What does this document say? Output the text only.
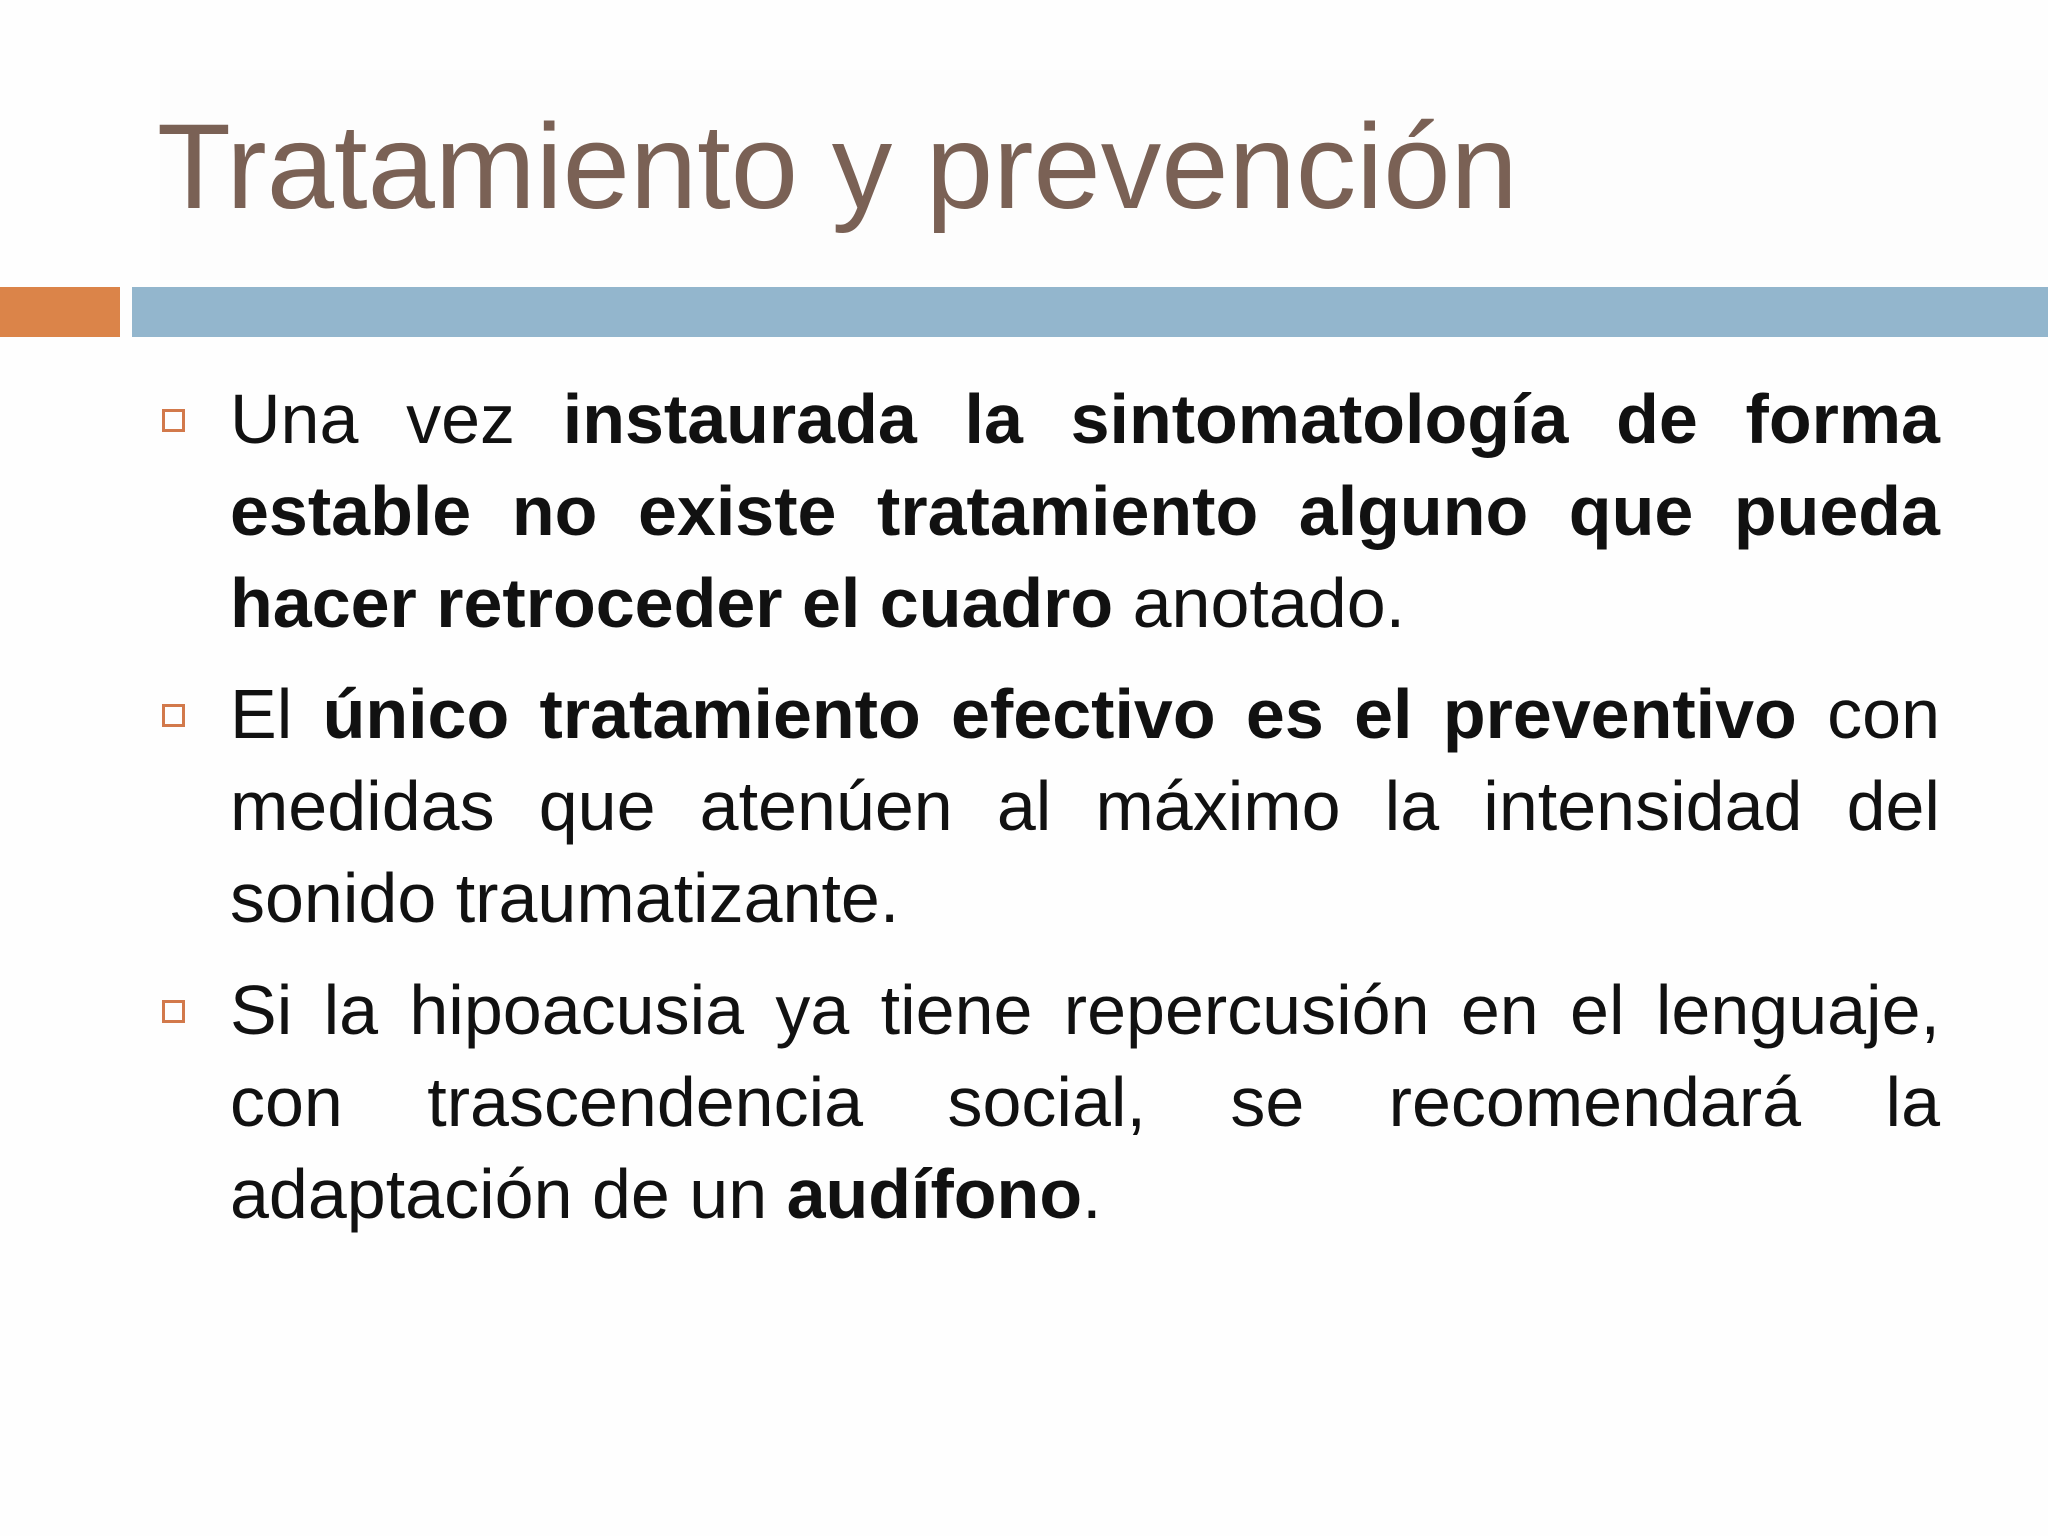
Tratamiento y prevención
Una vez instaurada la sintomatología de forma estable no existe tratamiento alguno que pueda hacer retroceder el cuadro anotado.
El único tratamiento efectivo es el preventivo con medidas que atenúen al máximo la intensidad del sonido traumatizante.
Si la hipoacusia ya tiene repercusión en el lenguaje, con trascendencia social, se recomendará la adaptación de un audífono.
